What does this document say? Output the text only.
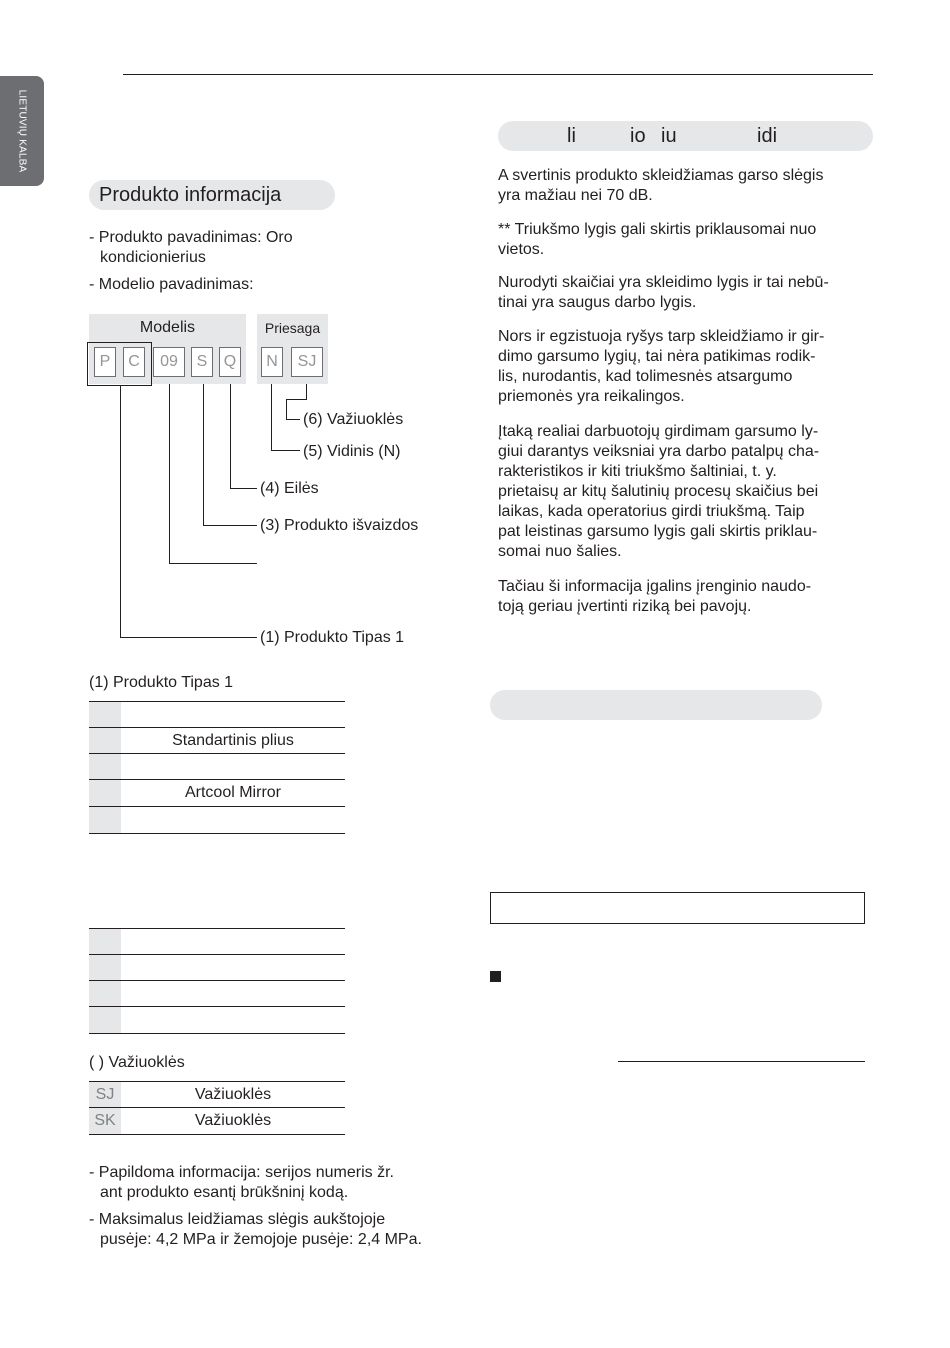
LIETUVIŲ KALBA
Produkto informacija
- Produkto pavadinimas: Oro
kondicionierius
- Modelio pavadinimas:
Modelis	Priesaga
P	C	09	S	Q	N	SJ
(6) Važiuoklės
(5) Vidinis (N)
(4) Eilės
(3) Produkto išvaizdos
(1) Produkto Tipas 1
(1) Produkto Tipas 1
Standartinis plius
Artcool Mirror
( ) Važiuoklės
SJ	Važiuoklės
SK	Važiuoklės
- Papildoma informacija: serijos numeris žr.
ant produkto esantį brūkšninį kodą.
- Maksimalus leidžiamas slėgis aukštojoje
pusėje: 4,2 MPa ir žemojoje pusėje: 2,4 MPa.
li	io iu	idi
A svertinis produkto skleidžiamas garso slėgis
yra mažiau nei 70 dB.
** Triukšmo lygis gali skirtis priklausomai nuo
vietos.
Nurodyti skaičiai yra skleidimo lygis ir tai nebū-
tinai yra saugus darbo lygis.
Nors ir egzistuoja ryšys tarp skleidžiamo ir gir-
dimo garsumo lygių, tai nėra patikimas rodik-
lis, nurodantis, kad tolimesnės atsargumo
priemonės yra reikalingos.
Įtaką realiai darbuotojų girdimam garsumo ly-
giui darantys veiksniai yra darbo patalpų cha-
rakteristikos ir kiti triukšmo šaltiniai, t. y.
prietaisų ar kitų šalutinių procesų skaičius bei
laikas, kada operatorius girdi triukšmą. Taip
pat leistinas garsumo lygis gali skirtis priklau-
somai nuo šalies.
Tačiau ši informacija įgalins įrenginio naudo-
toją geriau įvertinti riziką bei pavojų.
